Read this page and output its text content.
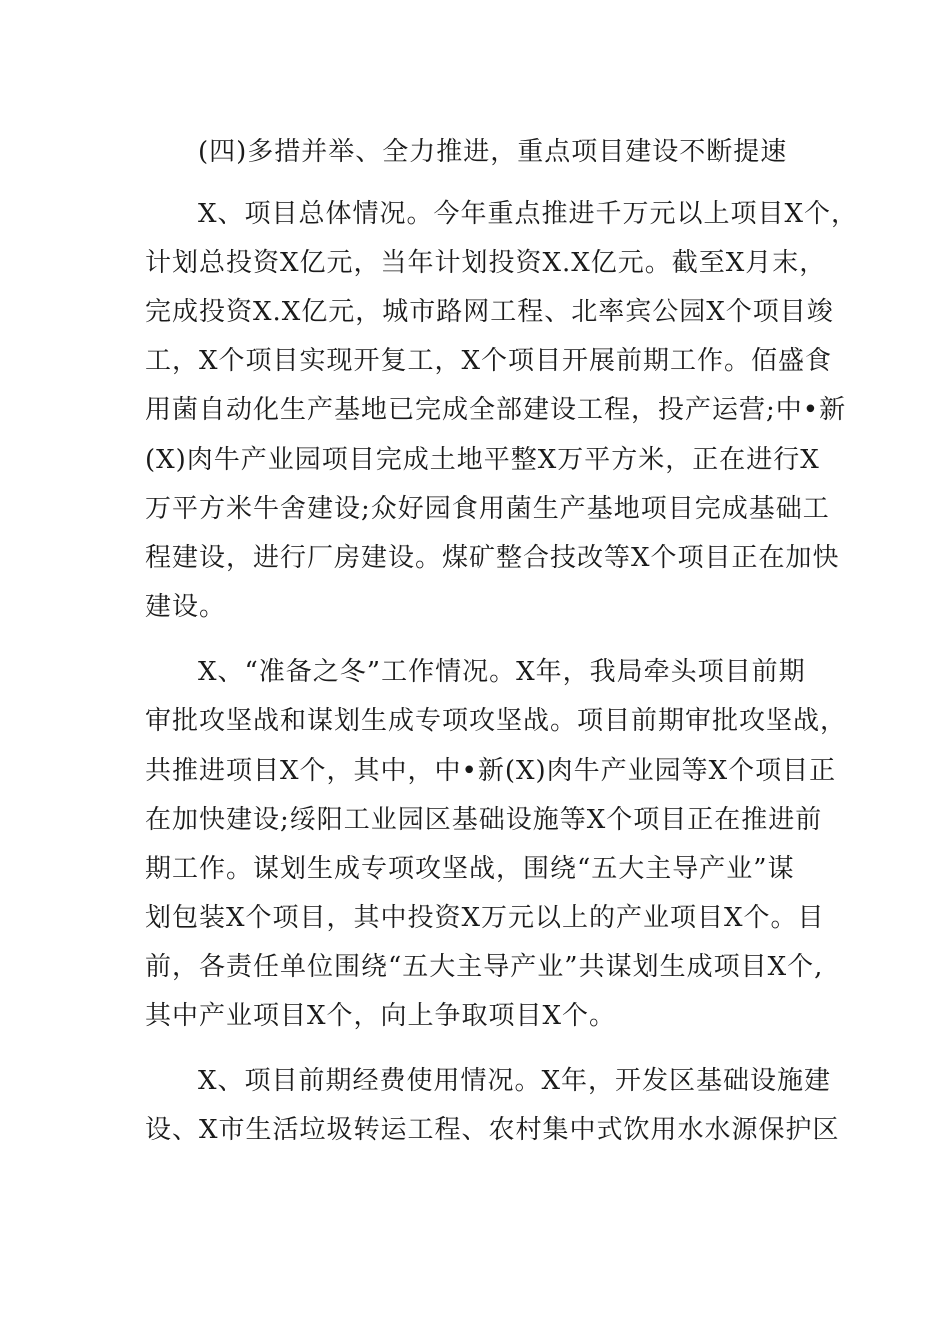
(四)多措并举、全力推进，重点项目建设不断提速
X、项目总体情况。今年重点推进千万元以上项目X个，
计划总投资X亿元，当年计划投资X.X亿元。截至X月末，
完成投资X.X亿元，城市路网工程、北率宾公园X个项目竣
工，X个项目实现开复工，X个项目开展前期工作。佰盛食
用菌自动化生产基地已完成全部建设工程，投产运营;中•新
(X)肉牛产业园项目完成土地平整X万平方米，正在进行X
万平方米牛舍建设;众好园食用菌生产基地项目完成基础工
程建设，进行厂房建设。煤矿整合技改等X个项目正在加快
建设。
X、“准备之冬”工作情况。X年，我局牵头项目前期
审批攻坚战和谋划生成专项攻坚战。项目前期审批攻坚战，
共推进项目X个，其中，中•新(X)肉牛产业园等X个项目正
在加快建设;绥阳工业园区基础设施等X个项目正在推进前
期工作。谋划生成专项攻坚战，围绕“五大主导产业”谋
划包装X个项目，其中投资X万元以上的产业项目X个。目
前，各责任单位围绕“五大主导产业”共谋划生成项目X个,
其中产业项目X个，向上争取项目X个。
X、项目前期经费使用情况。X年，开发区基础设施建
设、X市生活垃圾转运工程、农村集中式饮用水水源保护区
